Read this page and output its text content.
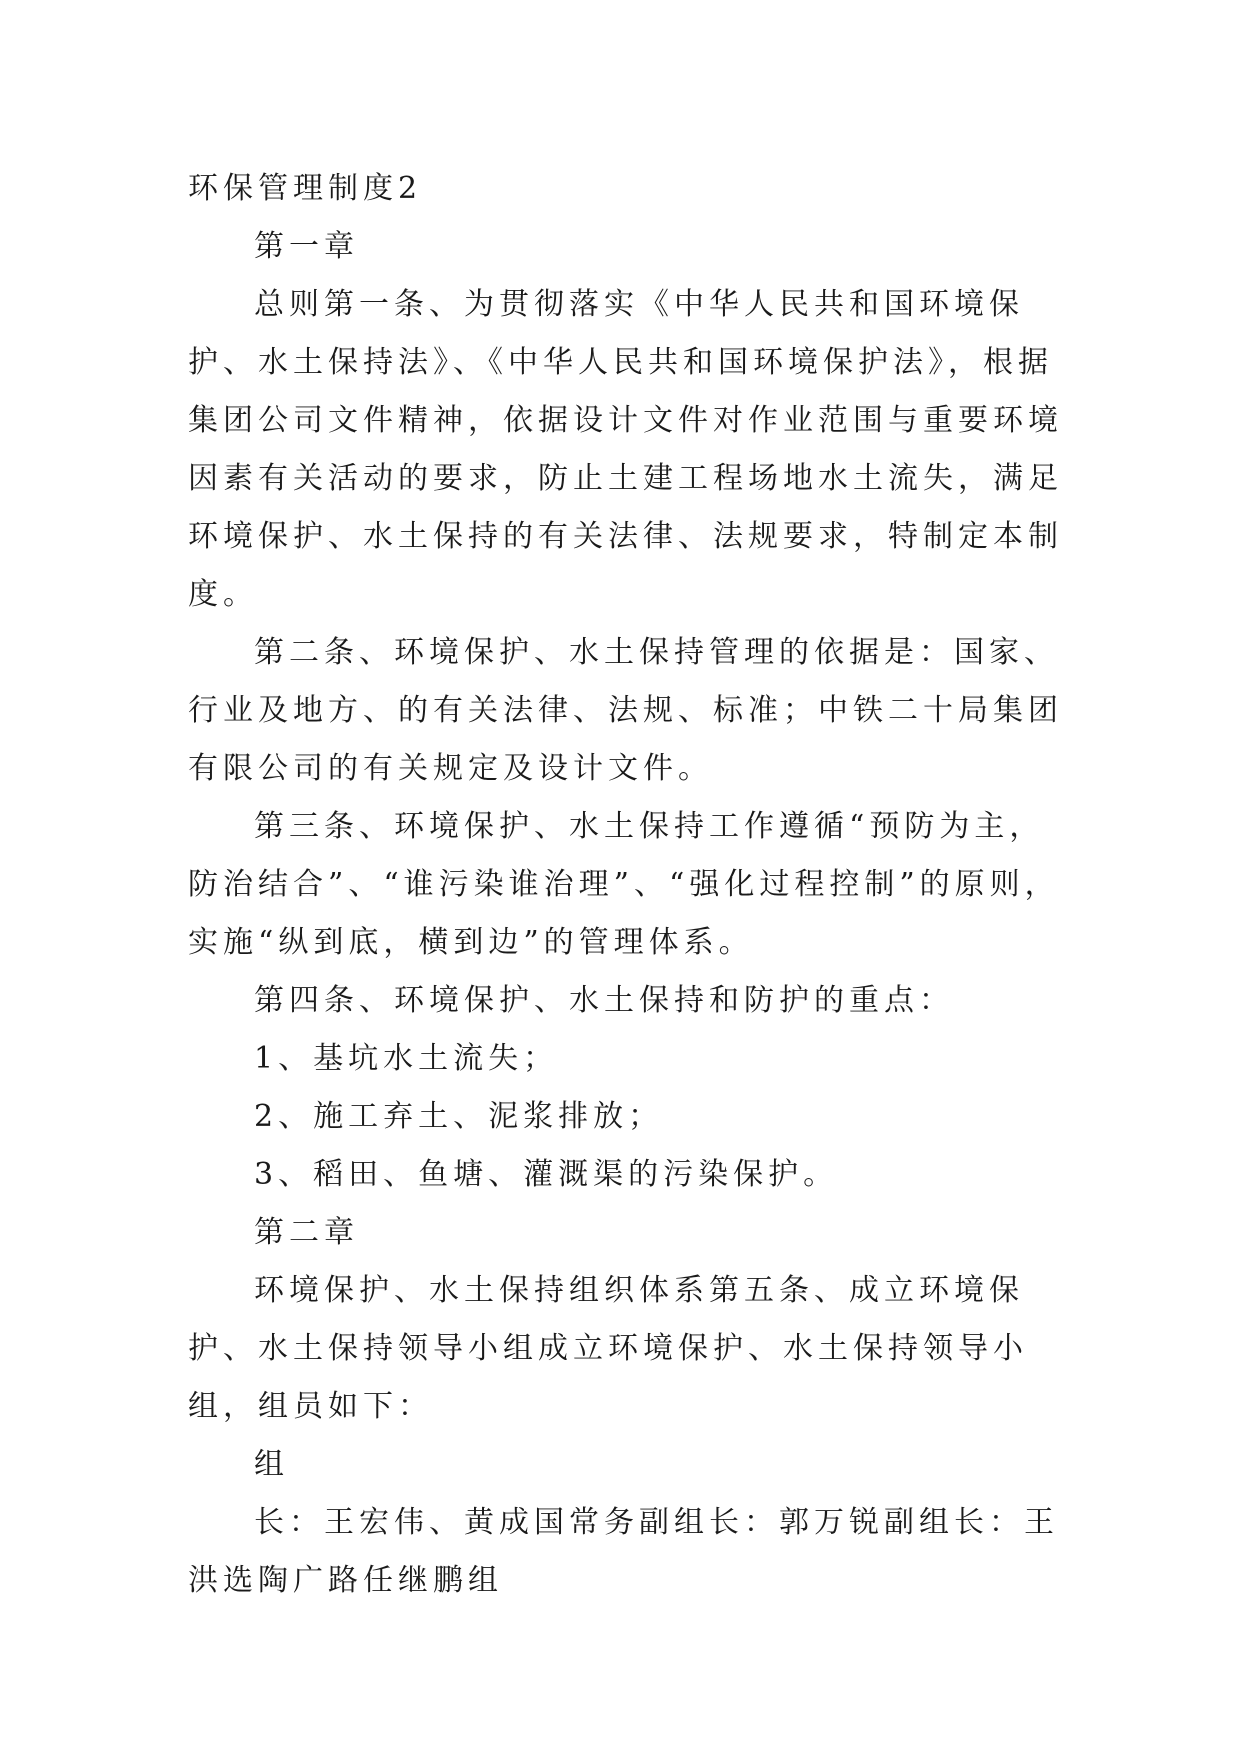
环保管理制度2

第一章

总则第一条、为贯彻落实《中华人民共和国环境保护、水土保持法》、《中华人民共和国环境保护法》，根据集团公司文件精神，依据设计文件对作业范围与重要环境因素有关活动的要求，防止土建工程场地水土流失，满足环境保护、水土保持的有关法律、法规要求，特制定本制度。

第二条、环境保护、水土保持管理的依据是：国家、行业及地方、的有关法律、法规、标准；中铁二十局集团有限公司的有关规定及设计文件。

第三条、环境保护、水土保持工作遵循“预防为主，防治结合”、“谁污染谁治理”、“强化过程控制”的原则，实施“纵到底，横到边”的管理体系。

第四条、环境保护、水土保持和防护的重点：

1、基坑水土流失；

2、施工弃土、泥浆排放；

3、稻田、鱼塘、灌溉渠的污染保护。

第二章

环境保护、水土保持组织体系第五条、成立环境保护、水土保持领导小组成立环境保护、水土保持领导小组，组员如下：

组

长：王宏伟、黄成国常务副组长：郭万锐副组长：王洪选陶广路任继鹏组
